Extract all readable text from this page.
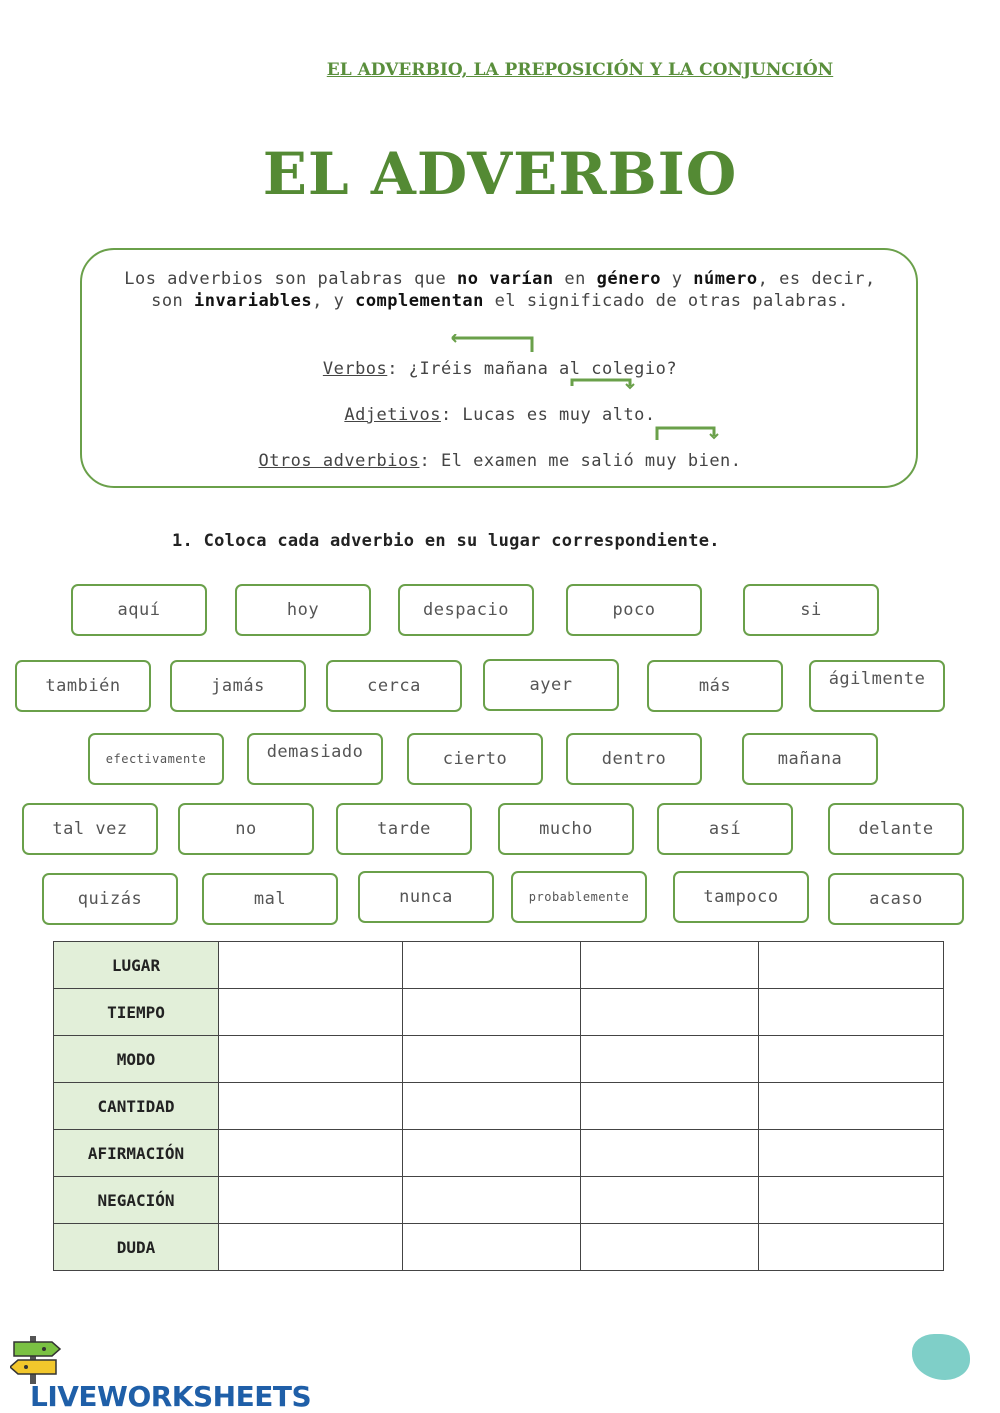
EL ADVERBIO, LA PREPOSICIÓN Y LA CONJUNCIÓN
EL ADVERBIO
Los adverbios son palabras que no varían en género y número, es decir, son invariables, y complementan el significado de otras palabras.
Verbos: ¿Iréis mañana al colegio?
Adjetivos: Lucas es muy alto.
Otros adverbios: El examen me salió muy bien.
1. Coloca cada adverbio en su lugar correspondiente.
aquí	hoy	despacio	poco	si
también	jamás	cerca	ayer	más	ágilmente
efectivamente	demasiado	cierto	dentro	mañana
tal vez	no	tarde	mucho	así	delante
quizás	mal	nunca	probablemente	tampoco	acaso
LUGAR				
TIEMPO				
MODO				
CANTIDAD				
AFIRMACIÓN				
NEGACIÓN				
DUDA				
LIVEWORKSHEETS
